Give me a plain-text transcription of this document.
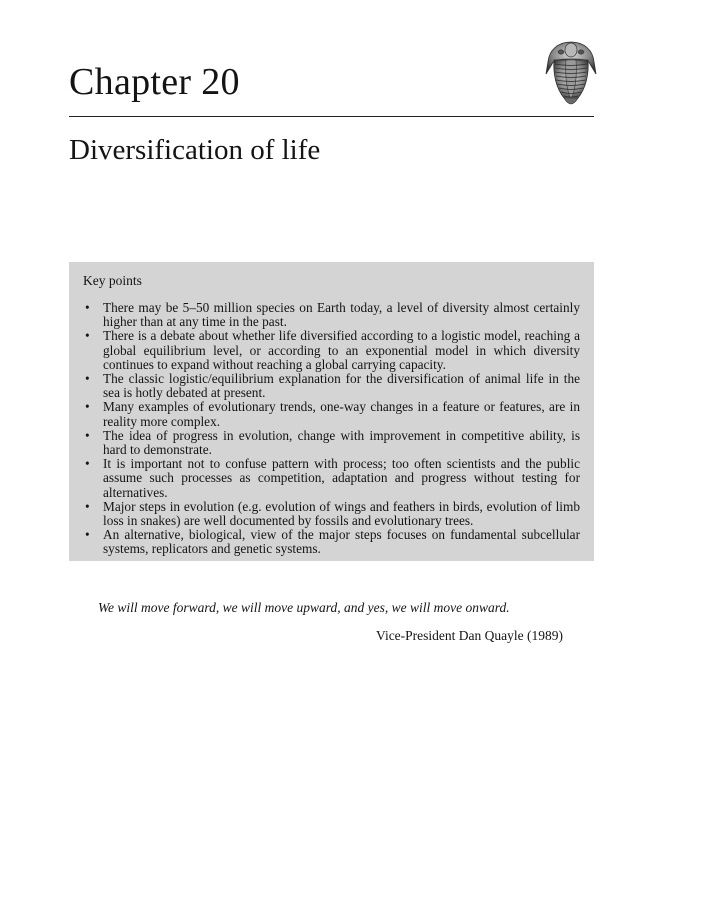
Chapter 20
Diversification of life
Key points
• There may be 5–50 million species on Earth today, a level of diversity almost certainly higher than at any time in the past.
• There is a debate about whether life diversified according to a logistic model, reaching a global equilibrium level, or according to an exponential model in which diversity continues to expand without reaching a global carrying capacity.
• The classic logistic/equilibrium explanation for the diversification of animal life in the sea is hotly debated at present.
• Many examples of evolutionary trends, one-way changes in a feature or features, are in reality more complex.
• The idea of progress in evolution, change with improvement in competitive ability, is hard to demonstrate.
• It is important not to confuse pattern with process; too often scientists and the public assume such processes as competition, adaptation and progress without testing for alternatives.
• Major steps in evolution (e.g. evolution of wings and feathers in birds, evolution of limb loss in snakes) are well documented by fossils and evolutionary trees.
• An alternative, biological, view of the major steps focuses on fundamental subcellular systems, replicators and genetic systems.

We will move forward, we will move upward, and yes, we will move onward.

Vice-President Dan Quayle (1989)
